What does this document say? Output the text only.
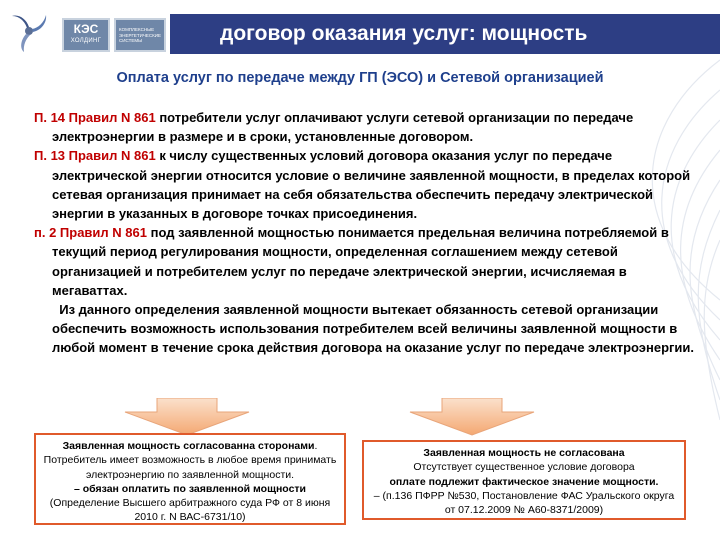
КЭС
ХОЛДИНГ
КОМПЛЕКСНЫЕ ЭНЕРГЕТИЧЕСКИЕ СИСТЕМЫ	договор оказания услуг: мощность
Оплата услуг по передаче между ГП (ЭСО) и Сетевой организацией

П. 14 Правил N 861 потребители услуг оплачивают услуги сетевой организации по передаче электроэнергии в размере и в сроки, установленные договором.

П. 13 Правил N 861 к числу существенных условий договора оказания услуг по передаче электрической энергии относится условие о величине заявленной мощности, в пределах которой сетевая организация принимает на себя обязательства обеспечить передачу электрической энергии в указанных в договоре точках присоединения.

п. 2 Правил N 861 под заявленной мощностью понимается предельная величина потребляемой в текущий период регулирования мощности, определенная соглашением между сетевой организацией и потребителем услуг по передаче электрической энергии, исчисляемая в мегаваттах.

Из данного определения заявленной мощности вытекает обязанность сетевой организации обеспечить возможность использования потребителем всей величины заявленной мощности в любой момент в течение срока действия договора на оказание услуг по передаче электроэнергии.

Заявленная мощность согласованна сторонами.
Потребитель имеет возможность в любое время принимать электроэнергию по заявленной мощности.
– обязан оплатить по заявленной мощности
(Определение Высшего арбитражного суда РФ от 8 июня 2010 г. N ВАС-6731/10)
Заявленная мощность не согласована
Отсутствует существенное условие договора
оплате подлежит фактическое значение мощности.
– (п.136 ПФРР №530, Постановление ФАС Уральского округа от 07.12.2009 № А60-8371/2009)
